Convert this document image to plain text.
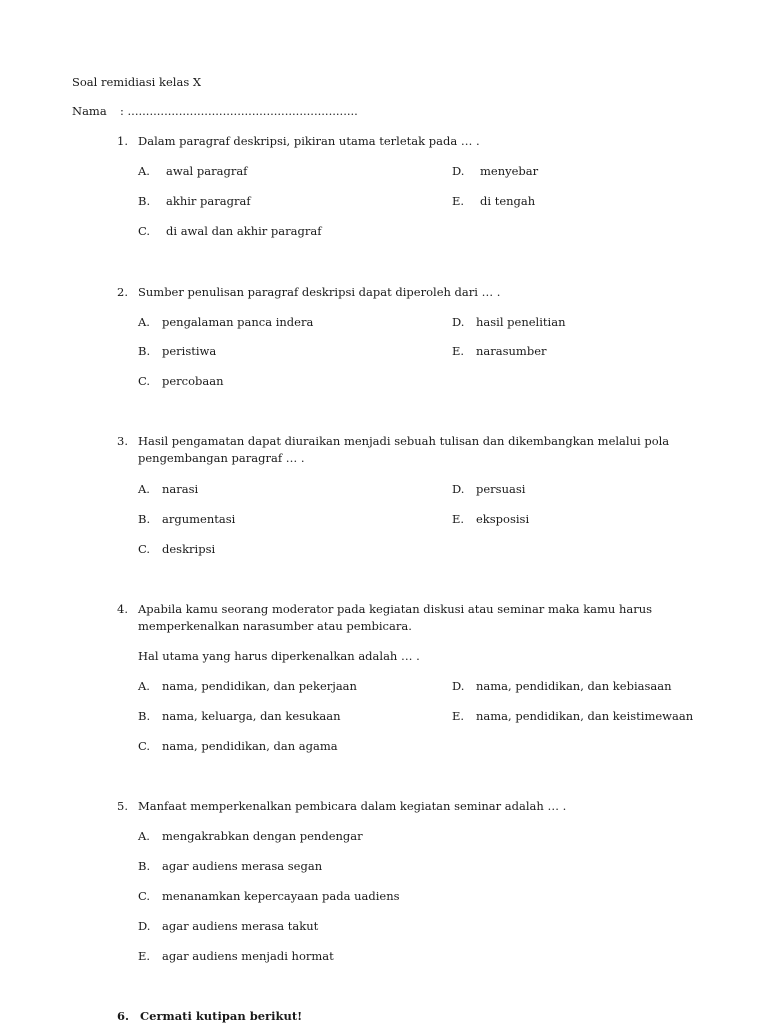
Soal remidiasi kelas X
Nama : ...............................................................
1. Dalam paragraf deskripsi, pikiran utama terletak pada … .
A. awal paragraf	D. menyebar
B. akhir paragraf	E. di tengah
C. di awal dan akhir paragraf
2. Sumber penulisan paragraf deskripsi dapat diperoleh dari … .
A. pengalaman panca indera	D. hasil penelitian
B. peristiwa	E. narasumber
C. percobaan
3. Hasil pengamatan dapat diuraikan menjadi sebuah tulisan dan dikembangkan melalui pola
pengembangan paragraf … .
A. narasi	D. persuasi
B. argumentasi	E. eksposisi
C. deskripsi
4. Apabila kamu seorang moderator pada kegiatan diskusi atau seminar maka kamu harus
memperkenalkan narasumber atau pembicara.
Hal utama yang harus diperkenalkan adalah … .
A. nama, pendidikan, dan pekerjaan	D. nama, pendidikan, dan kebiasaan
B. nama, keluarga, dan kesukaan	E. nama, pendidikan, dan keistimewaan
C. nama, pendidikan, dan agama
5. Manfaat memperkenalkan pembicara dalam kegiatan seminar adalah … .
A. mengakrabkan dengan pendengar
B. agar audiens merasa segan
C. menanamkan kepercayaan pada uadiens
D. agar audiens merasa takut
E. agar audiens menjadi hormat
6. Cermati kutipan berikut!
